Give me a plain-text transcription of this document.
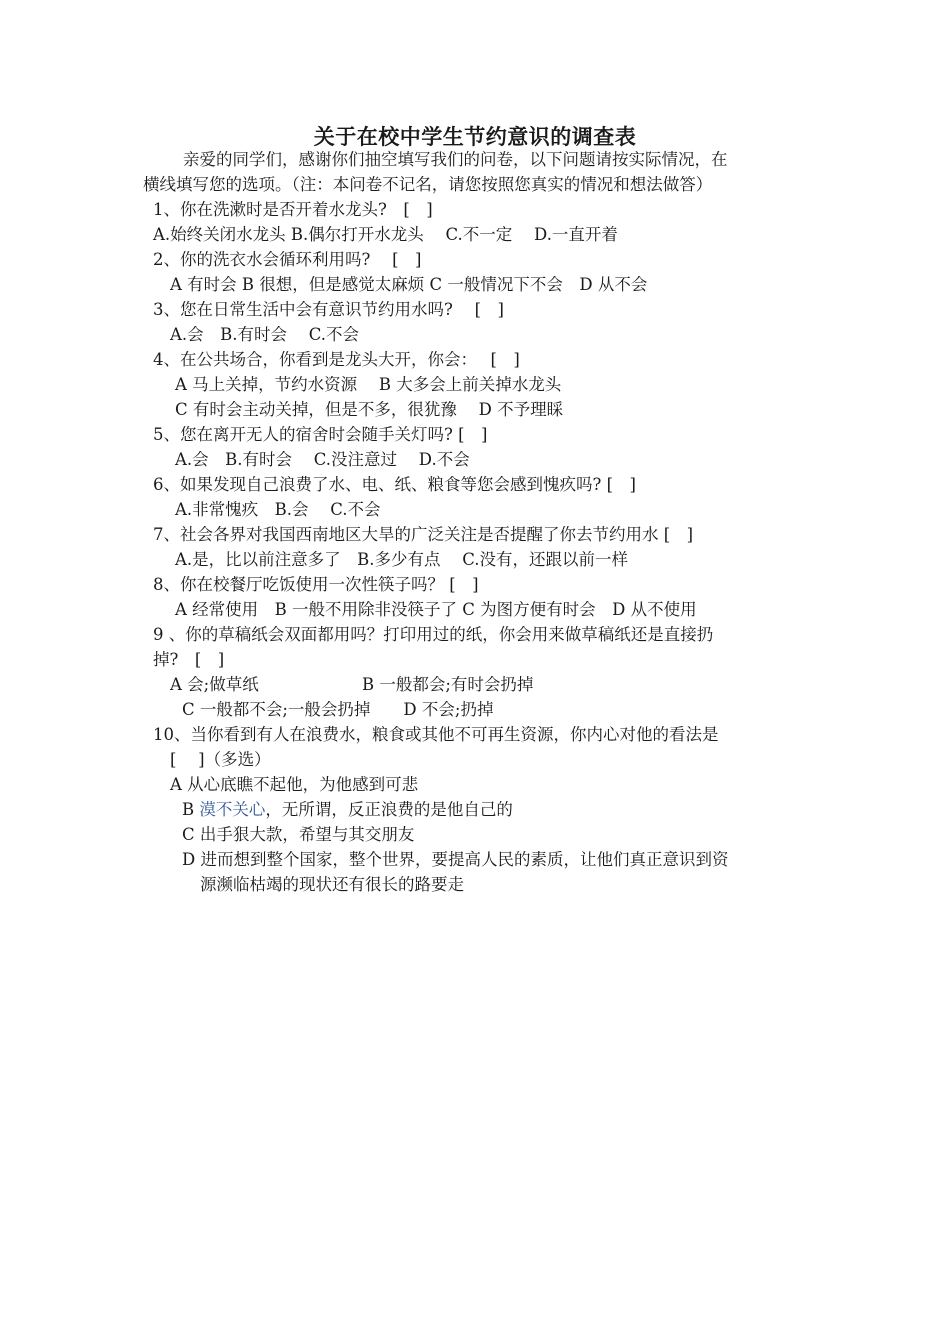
关于在校中学生节约意识的调查表
亲爱的同学们，感谢你们抽空填写我们的问卷，以下问题请按实际情况，在
横线填写您的选项。（注：本问卷不记名，请您按照您真实的情况和想法做答）
1、你在洗漱时是否开着水龙头?　[　]
A.始终关闭水龙头 B.偶尔打开水龙头　 C.不一定　 D.一直开着
2、你的洗衣水会循环利用吗?　 [　]
A 有时会 B 很想，但是感觉太麻烦 C 一般情况下不会　D 从不会
3、您在日常生活中会有意识节约用水吗?　 [　]
A.会　B.有时会　 C.不会
4、在公共场合，你看到是龙头大开，你会：　 [　]
A 马上关掉，节约水资源　 B 大多会上前关掉水龙头
C 有时会主动关掉，但是不多，很犹豫　 D 不予理睬
5、您在离开无人的宿舍时会随手关灯吗? [　]
A.会　B.有时会　 C.没注意过　 D.不会
6、如果发现自己浪费了水、电、纸、粮食等您会感到愧疚吗? [　]
A.非常愧疚　B.会　 C.不会
7、社会各界对我国西南地区大旱的广泛关注是否提醒了你去节约用水 [　]
A.是，比以前注意多了　B.多少有点　 C.没有，还跟以前一样
8、你在校餐厅吃饭使用一次性筷子吗？ [　]
A 经常使用　B 一般不用除非没筷子了 C 为图方便有时会　D 从不使用
9 、你的草稿纸会双面都用吗？打印用过的纸，你会用来做草稿纸还是直接扔
掉?　[　]
A 会;做草纸	B 一般都会;有时会扔掉
C 一般都不会;一般会扔掉　　D 不会;扔掉
10、当你看到有人在浪费水，粮食或其他不可再生资源，你内心对他的看法是
[　 ]（多选）
A 从心底瞧不起他，为他感到可悲
B 漠不关心，无所谓，反正浪费的是他自己的
C 出手狠大款，希望与其交朋友
D 进而想到整个国家，整个世界，要提高人民的素质，让他们真正意识到资
源濒临枯竭的现状还有很长的路要走
